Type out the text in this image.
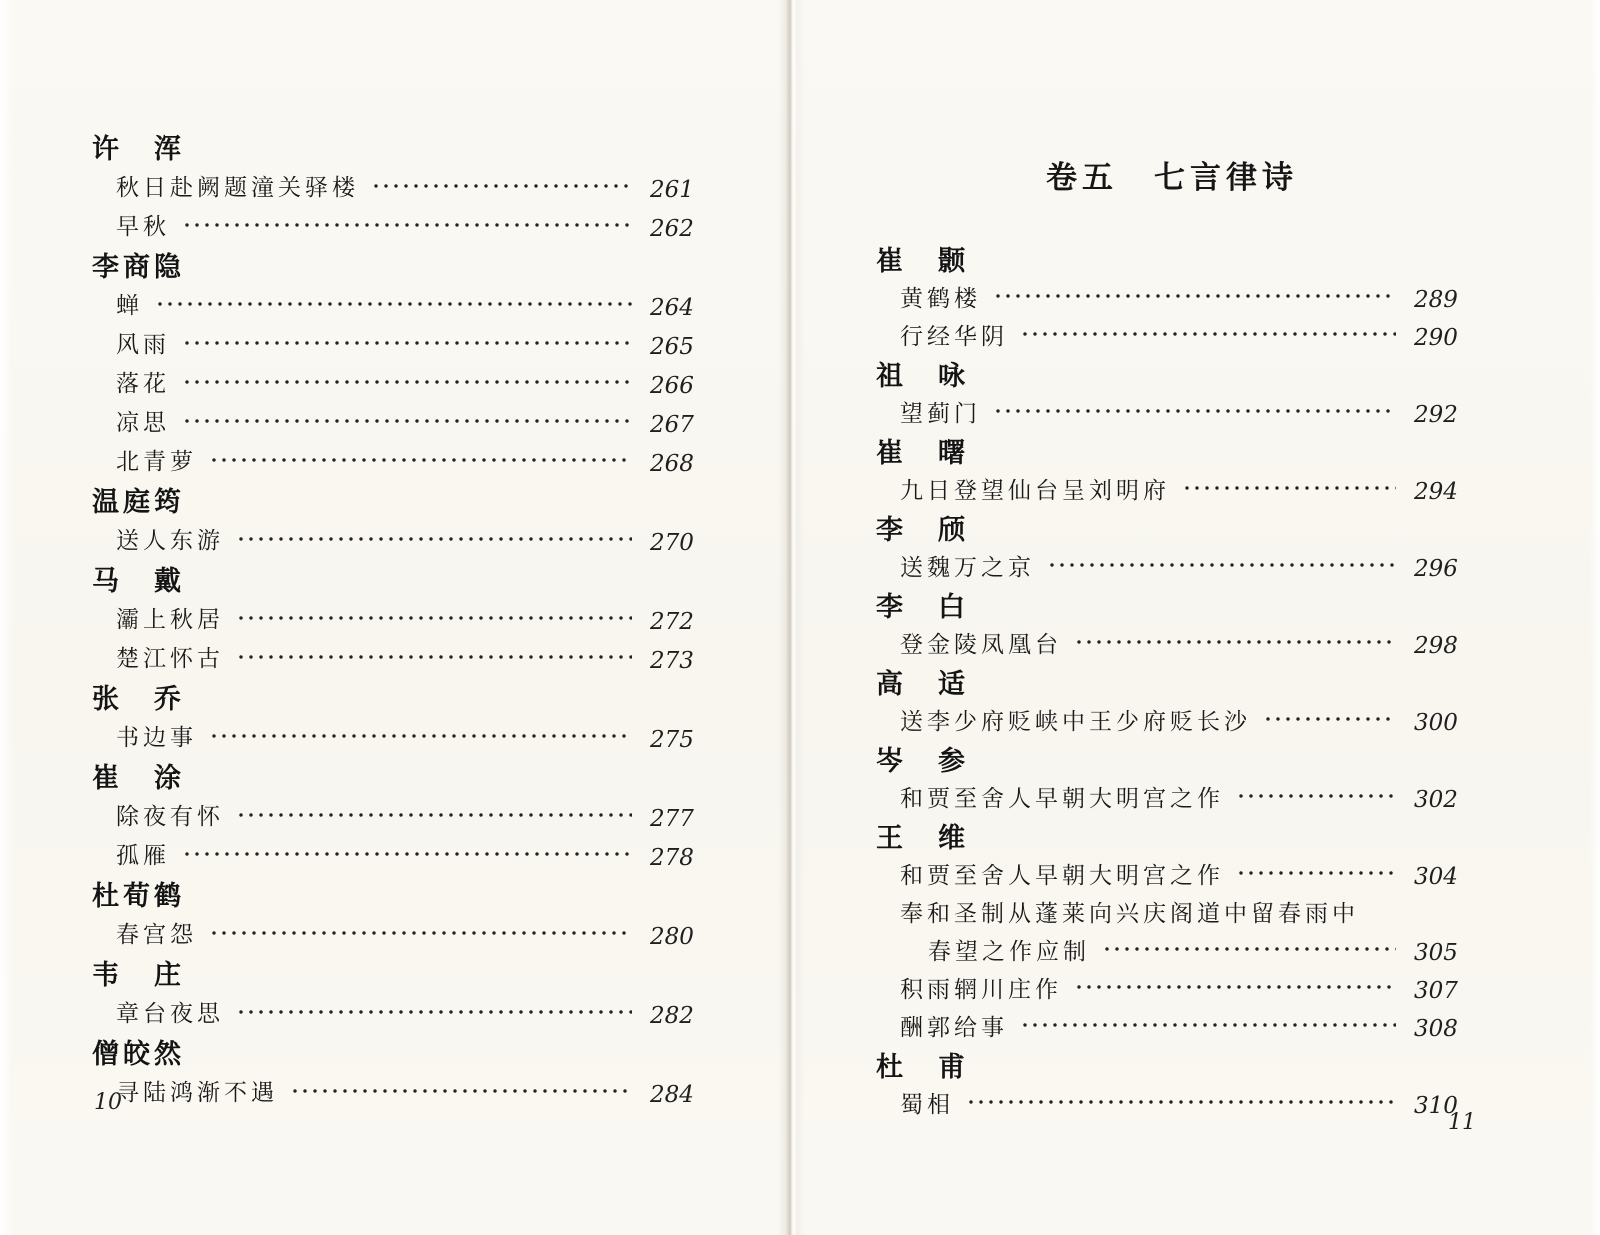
许　浑
秋日赴阙题潼关驿楼	261
早秋	262
李商隐
蝉	264
风雨	265
落花	266
凉思	267
北青萝	268
温庭筠
送人东游	270
马　戴
灞上秋居	272
楚江怀古	273
张　乔
书边事	275
崔　涂
除夜有怀	277
孤雁	278
杜荀鹤
春宫怨	280
韦　庄
章台夜思	282
僧皎然
寻陆鸿渐不遇	284
卷五　七言律诗
崔　颢
黄鹤楼	289
行经华阴	290
祖　咏
望蓟门	292
崔　曙
九日登望仙台呈刘明府	294
李　颀
送魏万之京	296
李　白
登金陵凤凰台	298
高　适
送李少府贬峡中王少府贬长沙	300
岑　参
和贾至舍人早朝大明宫之作	302
王　维
和贾至舍人早朝大明宫之作	304
奉和圣制从蓬莱向兴庆阁道中留春雨中
春望之作应制	305
积雨辋川庄作	307
酬郭给事	308
杜　甫
蜀相	310
10
11
